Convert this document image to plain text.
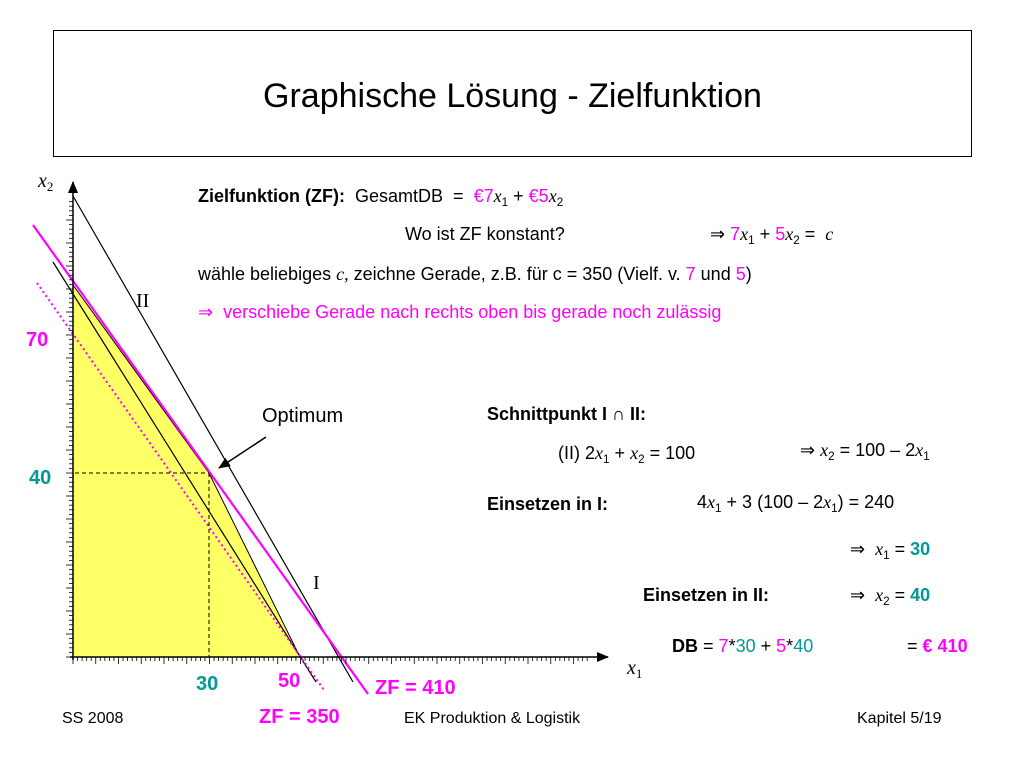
Graphische Lösung - Zielfunktion
$x_2$
$x_1$
II
I
Optimum
70
40
30	50	ZF = 410
ZF = 350
Zielfunktion (ZF): GesamtDB = $€7x_1$ + $€5x_2$
Wo ist ZF konstant?	⇒ $7x_1 + 5x_2 = c$
wähle beliebiges c, zeichne Gerade, z.B. für c = 350 (Vielf. v. 7 und 5)
⇒ verschiebe Gerade nach rechts oben bis gerade noch zulässig
Schnittpunkt I ∩ II:
(II) $2x_1 + x_2 = 100$	⇒ $x_2 = 100 - 2x_1$
Einsetzen in I:	$4x_1 + 3$ $(100 - 2x_1) = 240$
⇒ $x_1 = 30$
Einsetzen in II:	⇒ $x_2 = 40$
DB = 7*30 + 5*40	= € 410
SS 2008	EK Produktion & Logistik	Kapitel 5/19
